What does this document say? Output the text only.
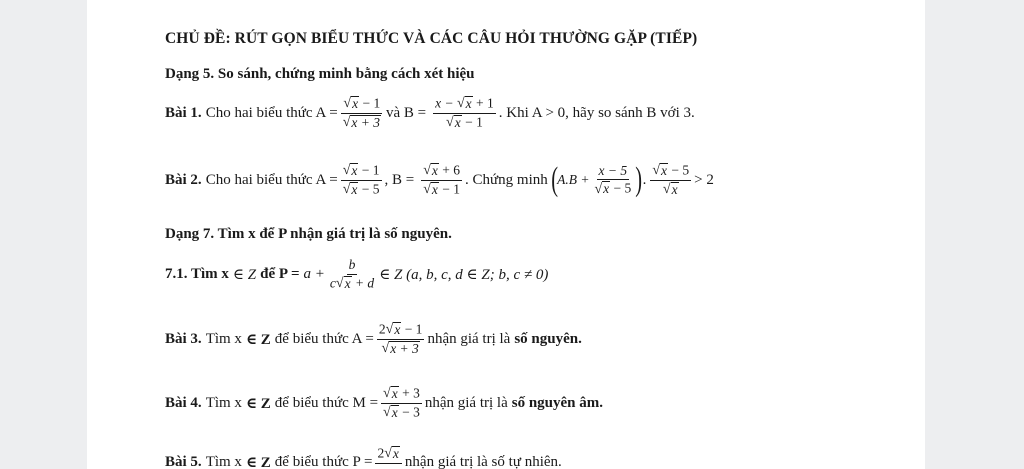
CHỦ ĐỀ: RÚT GỌN BIỂU THỨC VÀ CÁC CÂU HỎI THƯỜNG GẶP (TIẾP)
Dạng 5. So sánh, chứng minh bằng cách xét hiệu
Bài 1. Cho hai biểu thức $A = \frac{√ x - 1}{√ x + 3}$ và $B = \frac{x - √ x + 1}{√ x - 1}$ . Khi A > 0, hãy so sánh B với 3.
Bài 2. Cho hai biểu thức $A = \frac{√ x - 1}{√ x - 5}$ , $B = \frac{√ x + 6}{√ x - 1}$ . Chứng minh ( $A.B + \frac{x - 5}{√ x - 5}$ ) . $\frac{√ x - 5}{√ x} > 2$
Dạng 7. Tìm x để P nhận giá trị là số nguyên.
7.1. Tìm x ∈ Z để $P = a + \frac{b}{c √ x + d}$ ∈ Z (a, b, c, d ∈ Z; b, c ≠ 0)
Bài 3. Tìm x ∈ Z để biểu thức $A = \frac{2 √ x - 1}{√ x + 3}$ nhận giá trị là số nguyên.
Bài 4. Tìm x ∈ Z để biểu thức $M = \frac{√ x + 3}{√ x - 3}$ nhận giá trị là số nguyên âm.
Bài 5. Tìm x ∈ Z để biểu thức P =
2 √ x

nhận giá trị là số tự nhiên.
